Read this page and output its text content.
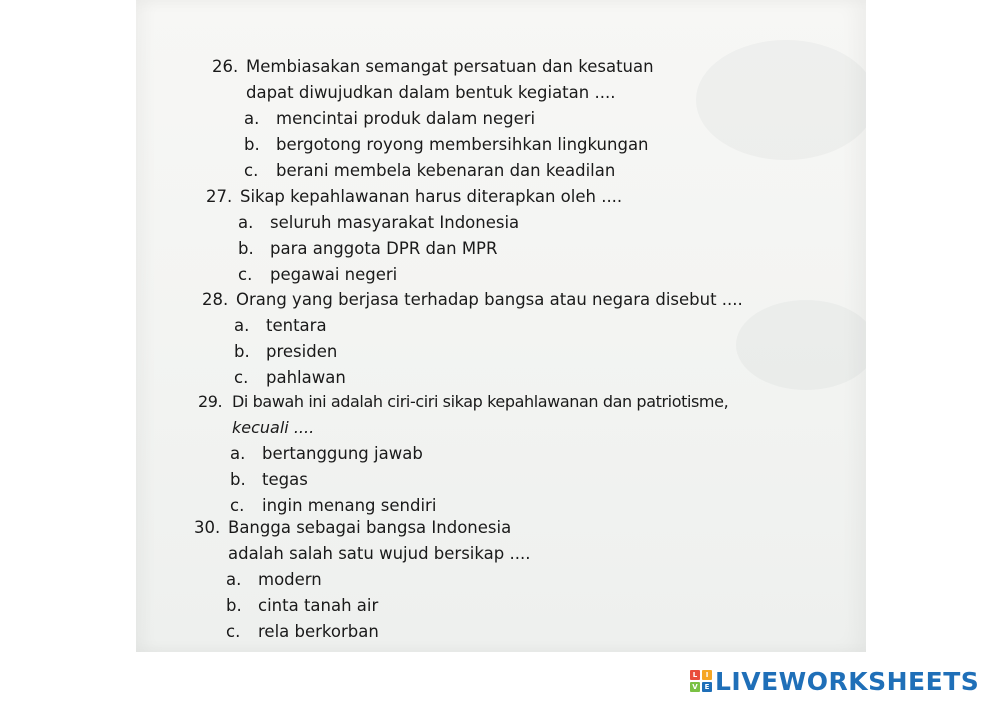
26. Membiasakan semangat persatuan dan kesatuan
dapat diwujudkan dalam bentuk kegiatan ....
a. mencintai produk dalam negeri
b. bergotong royong membersihkan lingkungan
c. berani membela kebenaran dan keadilan
27. Sikap kepahlawanan harus diterapkan oleh ....
a. seluruh masyarakat Indonesia
b. para anggota DPR dan MPR
c. pegawai negeri
28. Orang yang berjasa terhadap bangsa atau negara disebut ....
a. tentara
b. presiden
c. pahlawan
29. Di bawah ini adalah ciri-ciri sikap kepahlawanan dan patriotisme,
kecuali ....
a. bertanggung jawab
b. tegas
c. ingin menang sendiri
30. Bangga sebagai bangsa Indonesia
adalah salah satu wujud bersikap ....
a. modern
b. cinta tanah air
c. rela berkorban
L	I
V E LIVEWORKSHEETS
